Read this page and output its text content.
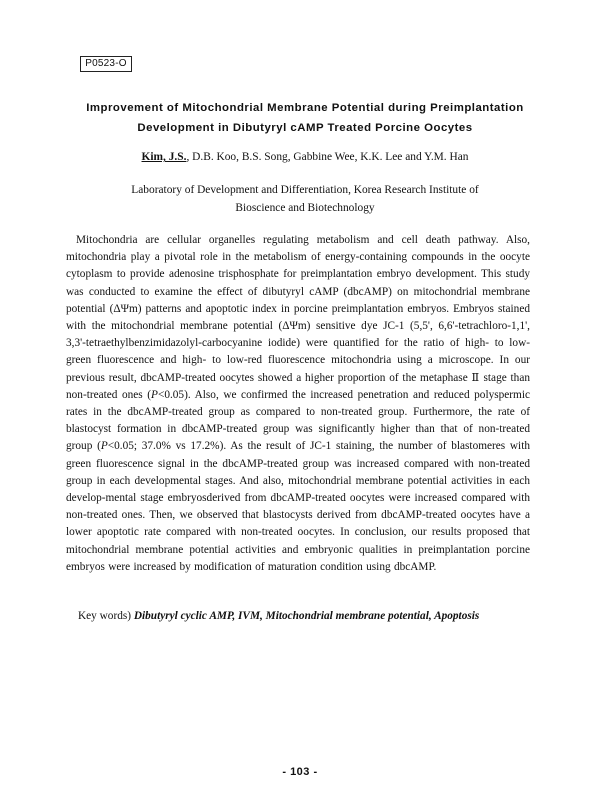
P0523-O
Improvement of Mitochondrial Membrane Potential during Preimplantation
Development in Dibutyryl cAMP Treated Porcine Oocytes
Kim, J.S., D.B. Koo, B.S. Song, Gabbine Wee, K.K. Lee and Y.M. Han
Laboratory of Development and Differentiation, Korea Research Institute of
Bioscience and Biotechnology

Mitochondria are cellular organelles regulating metabolism and cell death pathway. Also, mitochondria play a pivotal role in the metabolism of energy-containing compounds in the oocyte cytoplasm to provide adenosine trisphosphate for preimplantation embryo development. This study was conducted to examine the effect of dibutyryl cAMP (dbcAMP) on mitochondrial membrane potential (ΔΨm) patterns and apoptotic index in porcine preimplantation embryos. Embryos stained with the mitochondrial membrane potential (ΔΨm) sensitive dye JC-1 (5,5', 6,6'-tetrachloro-1,1', 3,3'-tetraethylbenzimidazolyl-carbocyanine iodide) were quantified for the ratio of high- to low-green fluorescence and high- to low-red fluorescence mitochondria using a microscope. In our previous result, dbcAMP-treated oocytes showed a higher proportion of the metaphase Ⅱ stage than non-treated ones (P<0.05). Also, we confirmed the increased penetration and reduced polyspermic rates in the dbcAMP-treated group as compared to non-treated group. Furthermore, the rate of blastocyst formation in dbcAMP-treated group was significantly higher than that of non-treated group (P<0.05; 37.0% vs 17.2%). As the result of JC-1 staining, the number of blastomeres with green fluorescence signal in the dbcAMP-treated group was increased compared with non-treated group in each developmental stages. And also, mitochondrial membrane potential activities in each develop-mental stage embryosderived from dbcAMP-treated oocytes were increased compared with non-treated ones. Then, we observed that blastocysts derived from dbcAMP-treated oocytes have a lower apoptotic rate compared with non-treated oocytes. In conclusion, our results proposed that mitochondrial membrane potential activities and embryonic qualities in preimplantation porcine embryos were increased by modification of maturation condition using dbcAMP.

Key words) Dibutyryl cyclic AMP, IVM, Mitochondrial membrane potential, Apoptosis
- 103 -
